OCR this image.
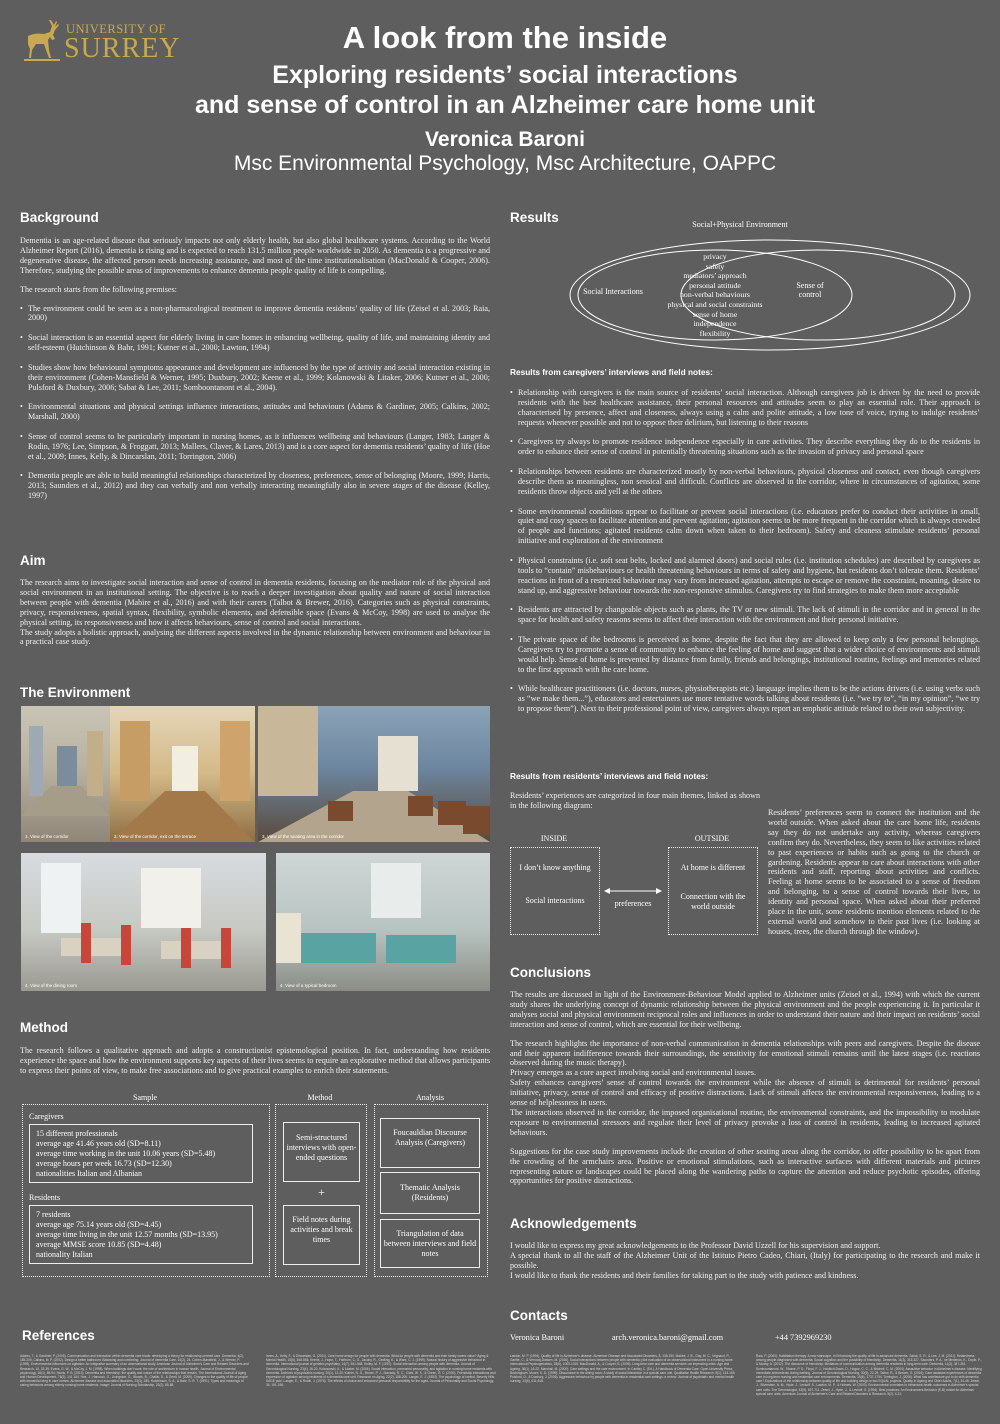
UNIVERSITY OF
SURREY	A look from the inside
Exploring residents’ social interactions
and sense of control in an Alzheimer care home unit
Veronica Baroni
Msc Environmental Psychology, Msc Architecture, OAPPC
Background

Dementia is an age-related disease that seriously impacts not only elderly health, but also global healthcare systems. According to the World Alzheimer Report (2016), dementia is rising and is expected to reach 131.5 million people worldwide in 2050. As dementia is a progressive and degenerative disease, the affected person needs increasing assistance, and most of the time institutionalisation (MacDonald & Cooper, 2006). Therefore, studying the possible areas of improvements to enhance dementia people quality of life is compelling.

The research starts from the following premises:

• The environment could be seen as a non-pharmacological treatment to improve dementia residents’ quality of life (Zeisel et al. 2003; Raia, 2000)
• Social interaction is an essential aspect for elderly living in care homes in enhancing wellbeing, quality of life, and maintaining identity and self-esteem (Hutchinson & Bahr, 1991; Kutner et al., 2000; Lawton, 1994)
• Studies show how behavioural symptoms appearance and development are influenced by the type of activity and social interaction existing in their environment (Cohen-Mansfield & Werner, 1995; Duxbury, 2002; Keene et al., 1999; Kolanowski & Litaker, 2006; Kutner et al., 2000; Pulsford & Duxbury, 2006; Sabat & Lee, 2011; Somboontanont et al., 2004).
• Environmental situations and physical settings influence interactions, attitudes and behaviours (Adams & Gardiner, 2005; Calkins, 2002; Marshall, 2000)
• Sense of control seems to be particularly important in nursing homes, as it influences wellbeing and behaviours (Langer, 1983; Langer & Rodin, 1976; Lee, Simpson, & Froggatt, 2013; Mallers, Claver, & Lares, 2013) and is a core aspect for dementia residents’ quality of life (Hoe et al., 2009; Innes, Kelly, & Dincarslan, 2011; Torrington, 2006)
• Dementia people are able to build meaningful relationships characterized by closeness, preferences, sense of belonging (Moore, 1999; Harris, 2013; Saunders et al., 2012) and they can verbally and non verbally interacting meaningfully also in severe stages of the disease (Kelley, 1997)
Aim
The research aims to investigate social interaction and sense of control in dementia residents, focusing on the mediator role of the physical and social environment in an institutional setting. The objective is to reach a deeper investigation about quality and nature of social interaction between people with dementia (Mabire et al., 2016) and with their carers (Talbot & Brewer, 2016). Categories such as physical constraints, privacy, responsiveness, spatial syntax, flexibility, symbolic elements, and defensible space (Evans & McCoy, 1998) are used to analyse the physical setting, its responsiveness and how it affects behaviours, sense of control and social interactions.
The study adopts a holistic approach, analysing the different aspects involved in the dynamic relationship between environment and behaviour in a practical case study.
The Environment
1. View of the corridor	2. View of the corridor, exit on the terrace	3. View of the seating area in the corridor
4. View of the dining room	4. View of a typical bedroom
Method
The research follows a qualitative approach and adopts a constructionist epistemological position. In fact, understanding how residents experience the space and how the environment supports key aspects of their lives seems to require an explorative method that allows participants to express their points of view, to make free associations and to give practical examples to enrich their statements.
Sample	Method	Analysis
Caregivers
15 different professionals
average age 41.46 years old (SD=8.11)
average time working in the unit 10.06 years (SD=5.48)
average hours per week 16.73 (SD=12.30)
nationalities Italian and Albanian
Residents
7 residents
average age 75.14 years old (SD=4.45)
average time living in the unit 12.57 months (SD=13.95)
average MMSE score 10.85 (SD=4.48)
nationality Italian
Semi-structured interviews with open-ended questions
+
Field notes during activities and break times
Foucauldian Discourse Analysis (Caregivers)
Thematic Analysis (Residents)
Triangulation of data between interviews and field notes
References
Adams, T., & Gardiner, P. (2005). Communication and interaction within dementia care triads: developing a theory for relationship-centred care. Dementia, 4(2), 185-205. Calkins, M. P. (2002). Design a better bathroom: Balancing and comforting. Journal of dementia Care, 10(2), 24. Cohen-Mansfield, J., & Werner, P. (1995). Environmental influences on agitation: An integrative summary of an observational study. American Journal of Alzheimer's Care and Related Disorders and Research, 10, 32-39. Evans, G. W., & McCoy, J. M. (1998). When buildings don't work: the role of architecture in human health. Journal of Environmental psychology, 18(1), 85-94. Harris, P. B. (2013). Dementia and friendship: the quality and nature of the relationships that remain. The International Journal of Aging and Human Development, 76(2), 141-164. Hoe, J., Hancock, G., Livingston, G., Woods, B., Challis, D., & Orrell, M. (2009). Changes in the quality of life of people with dementia living in care homes. Alzheimer disease and associated disorders, 23(3), 285. Hutchinson, S. A., & Bahr, S. R. T. (1991). Types and meanings of caring behaviors among elderly nursing home residents. Image: Journal of Nursing Scholarship, 23(2), 85-88.
Innes, A., Kelly, F., & Dincarslan, O. (2011). Care home design for people with dementia: What do people with dementia and their family carers value? Aging & Mental Health, 15(5), 548-556. Keene, J., Hope, T., Fairburn, C. G., Jacoby, R., Gedling, K., & Ware, C. J. (1999). Natural history of aggressive behaviour in dementia. International journal of geriatric psychiatry, 14(7), 541-548. Kelley, M. F. (1997). Social interaction among people with dementia. Journal of Gerontological Nursing, 23(4), 16-20. Kolanowski, A., & Litaker, M. (2006). Social interaction, premorbid personality, and agitation in nursing home residents with dementia. Archives of psychiatric nursing, 20(1), 12-20. Kutner, N. G., Brown, P. J., Stavisky, R. C., Clark, W. S., & Green, R. C. (2000). Friendship interactions and expression of agitation among residents of a dementia care unit. Research on Aging, 22(2), 188-205. Langer, E. J. (1983). The psychology of control. Beverly Hills: SAGE publ. Langer, E., & Rodin, J. (1976). The effects of choice and enhanced personal responsibility for the aged. Journal of Personality and Social Psychology, 34, 191-198.
Results	Social+Physical Environment
Social Interactions
Sense of control
privacy
safety
mediators’ approach
personal attitude
non-verbal behaviours
physical and social constraints
sense of home
independence
flexibility
Results from caregivers’ interviews and field notes:
• Relationship with caregivers is the main source of residents’ social interaction. Although caregivers job is driven by the need to provide residents with the best healthcare assistance, their personal resources and attitudes seem to play an essential role. Their approach is characterised by presence, affect and closeness, always using a calm and polite attitude, a low tone of voice, trying to indulge residents’ requests whenever possible and not to oppose their delirium, but listening to their reasons
• Caregivers try always to promote residence independence especially in care activities. They describe everything they do to the residents in order to enhance their sense of control in potentially threatening situations such as the invasion of privacy and personal space
• Relationships between residents are characterized mostly by non-verbal behaviours, physical closeness and contact, even though caregivers describe them as meaningless, non sensical and difficult. Conflicts are observed in the corridor, where in circumstances of agitation, some residents throw objects and yell at the others
• Some environmental conditions appear to facilitate or prevent social interactions (i.e. educators prefer to conduct their activities in small, quiet and cosy spaces to facilitate attention and prevent agitation; agitation seems to be more frequent in the corridor which is always crowded of people and functions; agitated residents calm down when taken to their bedroom). Safety and cleaness stimulate residents’ personal initiative and exploration of the environment
• Physical constraints (i.e. soft seat belts, locked and alarmed doors) and social rules (i.e. institution schedules) are described by caregivers as tools to “contain” misbehaviours or health threatening behaviours in terms of safety and hygiene, but residents don’t tolerate them. Residents’ reactions in front of a restricted behaviour may vary from increased agitation, attempts to escape or remove the constraint, moaning, desire to stand up, and aggressive behaviour towards the non-responsive stimulus. Caregivers try to find strategies to make them more acceptable
• Residents are attracted by changeable objects such as plants, the TV or new stimuli. The lack of stimuli in the corridor and in general in the space for health and safety reasons seems to affect their interaction with the environment and their personal initiative.
• The private space of the bedrooms is perceived as home, despite the fact that they are allowed to keep only a few personal belongings. Caregivers try to promote a sense of community to enhance the feeling of home and suggest that a wider choice of environments and stimuli would help. Sense of home is prevented by distance from family, friends and belongings, institutional routine, feelings and memories related to the first approach with the care home.
• While healthcare practitioners (i.e. doctors, nurses, physiotherapists etc.) language implies them to be the actions drivers (i.e. using verbs such as “we make them...”), educators and entertainers use more tentative words talking about residents (i.e. “we try to”, “in my opinion”, “we try to propose them”). Next to their professional point of view, caregivers always report an emphatic attitude related to their own subjectivity.
Results from residents’ interviews and field notes:
Residents’ experiences are categorized in four main themes, linked as shown in the following diagram:
INSIDE	OUTSIDE
I don’t know anything
Social interactions
At home is different
Connection with the world outside
preferences
Residents’ preferences seem to connect the institution and the world outside. When asked about the care home life, residents say they do not undertake any activity, whereas caregivers confirm they do. Nevertheless, they seem to like activities related to past experiences or habits such as going to the church or gardening. Residents appear to care about interactions with other residents and staff, reporting about activities and conflicts. Feeling at home seems to be associated to a sense of freedom and belonging, to a sense of control towards their lives, to identity and personal space. When asked about their preferred place in the unit, some residents mention elements related to the external world and somehow to their past lives (i.e. looking at houses, trees, the church through the window).
Conclusions

The results are discussed in light of the Environment-Behaviour Model applied to Alzheimer units (Zeisel et al., 1994) with which the current study shares the underlying concept of dynamic relationship between the physical environment and the people experiencing it. In particular it analyses social and physical environment reciprocal roles and influences in order to understand their nature and their impact on residents’ social interaction and sense of control, which are essential for their wellbeing.

The research highlights the importance of non-verbal communication in dementia relationships with peers and caregivers. Despite the disease and their apparent indifference towards their surroundings, the sensitivity for emotional stimuli remains until the latest stages (i.e. reactions observed during the music therapy).
Privacy emerges as a core aspect involving social and environmental issues.
Safety enhances caregivers’ sense of control towards the environment while the absence of stimuli is detrimental for residents’ personal initiative, privacy, sense of control and efficacy of positive distractions. Lack of stimuli affects the environmental responsiveness, leading to a sense of helplessness in users.

The interactions observed in the corridor, the imposed organisational routine, the environmental constraints, and the impossibility to modulate exposure to environmental stressors and regulate their level of privacy provoke a loss of control in residents, leading to increased agitated behaviours.

Suggestions for the case study improvements include the creation of other seating areas along the corridor, to offer possibility to be apart from the crowding of the armchairs area. Positive or emotional stimulations, such as interactive surfaces with different materials and pictures representing nature or landscapes could be placed along the wandering paths to capture the attention and reduce psychotic episodes, offering opportunities for positive distractions.
Acknowledgements
I would like to express my great acknowledgements to the Professor David Uzzell for his supervision and support.
A special thank to all the staff of the Alzheimer Unit of the Istituto Pietro Cadeo, Chiari, (Italy) for participating to the research and make it possible.
I would like to thank the residents and their families for taking part to the study with patience and kindness.
Contacts
Veronica Baroni	arch.veronica.baroni@gmail.com	+44 7392969230
Lawton, M. P. (1994). Quality of life in Alzheimer's disease. Alzheimer Disease and Associated Disorders, 8, 138-150. Mabire, J. B., Gay, M. C., Vrignaud, P., Garitte, C., & Vernooij-Dassen, M. (2016). Social interactions between people with dementia: pilot evaluation of an observational instrument in a nursing home. International Psychogeriatrics, 28(6), 1005-1015. MacDonald, A., & Cooper, B. (2006). Long-term care and dementia services: an impending crisis. Age and Ageing, 36(1), 16-22. Marshall, M. (2000). Care settings and the care environment. In Cantley C. (Ed.), A Handbook of Dementia Care. Open University Press, Buckingham. Moore, K. D. (1999). Dissonance in the dining room: A study of social interaction in a special care unit. Qualitative Health Research, 9(1), 133-155. Pulsford, D., & Duxbury, J. (2006). Aggressive behaviour by people with dementia in residential care settings: a review. Journal of psychiatric and mental health nursing, 13(5), 611-618.
Raia, P. (2000). Habilitation therapy: A new starscape. In Enhancing the quality of life in advanced dementia. Sabat, S. R., & Lee, J. M. (2011). Relatedness among people diagnosed with dementia: Social cognition and the possibility of friendship. Dementia, 11(3), 315-327. Saunders, P. A., de Medeiros, K., Doyle, P., & Mosby, A. (2012). The discourse of friendship: Mediators of communication among dementia residents in long-term care. Dementia, 11(3), 347-361. Somboontanont, W., Sloane, P. D., Floyd, F. J., Holditch-Davis, D., Hogue, C. C., & Mitchell, C. M. (2004). Assaultive behavior in Alzheimer's disease: Identifying immediate antecedents during bathing. Journal of Gerontological Nursing, 30(9), 22-29. Talbot, R., & Brewer, G. (2016). Care assistant experiences of dementia care in long-term nursing and residential care environments. Dementia, 15(6), 1737-1754. Torrington, J. (2006). What has architecture got to do with dementia care? Explorations of the relationship between quality of life and building design in two EQUAL projects. Quality in Ageing and Older Adults, 7(1), 34-48. Zeisel, J., Silverstein, N. M., Hyde, J., Levkoff, S., Lawton, M. P., & Holmes, W. (2003). Environmental correlates to behavioral health outcomes in Alzheimer's special care units. The Gerontologist, 43(5), 697-711. Zeisel, J., Hyde, J., & Levkoff, S. (1994). Best practices: An Environment-Behavior (E-B) model for Alzheimer special care units. American Journal of Alzheimer's Care and Related Disorders & Research, 9(2), 4-21.
